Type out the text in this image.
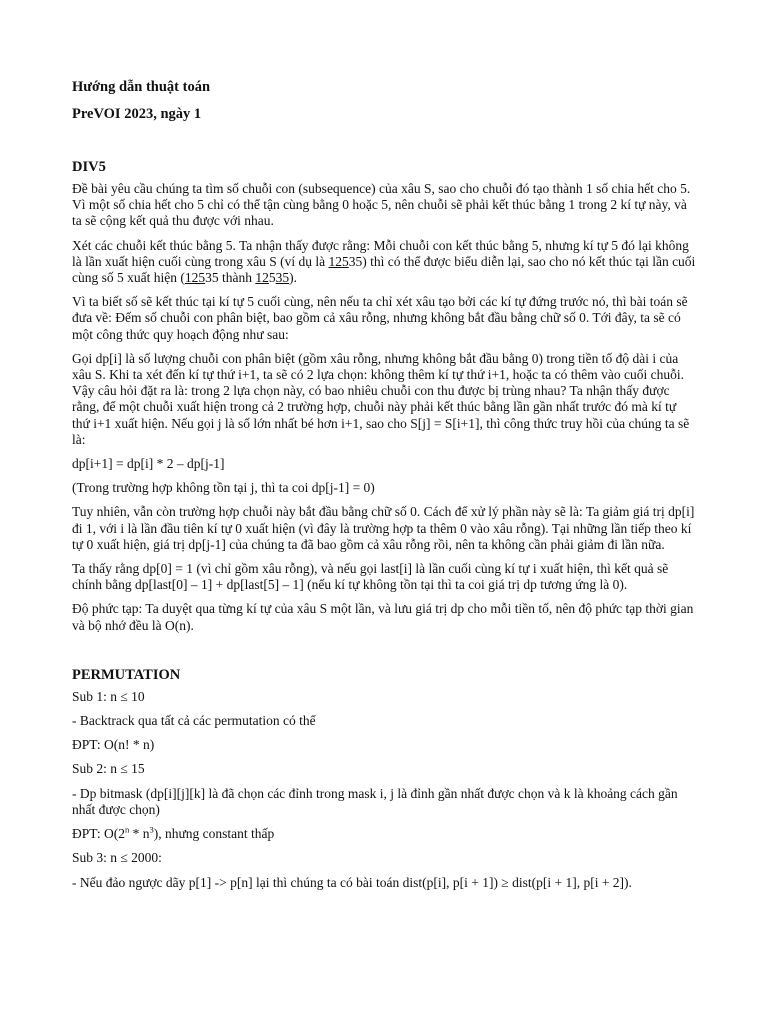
Hướng dẫn thuật toán

PreVOI 2023, ngày 1

DIV5

Đề bài yêu cầu chúng ta tìm số chuỗi con (subsequence) của xâu S, sao cho chuỗi đó tạo thành 1 số chia hết cho 5. Vì một số chia hết cho 5 chỉ có thể tận cùng bằng 0 hoặc 5, nên chuỗi sẽ phải kết thúc bằng 1 trong 2 kí tự này, và ta sẽ cộng kết quả thu được với nhau.

Xét các chuỗi kết thúc bằng 5. Ta nhận thấy được rằng: Mỗi chuỗi con kết thúc bằng 5, nhưng kí tự 5 đó lại không là lần xuất hiện cuối cùng trong xâu S (ví dụ là 12535) thì có thể được biểu diễn lại, sao cho nó kết thúc tại lần cuối cùng số 5 xuất hiện (12535 thành 12535).

Vì ta biết số sẽ kết thúc tại kí tự 5 cuối cùng, nên nếu ta chỉ xét xâu tạo bởi các kí tự đứng trước nó, thì bài toán sẽ đưa về: Đếm số chuỗi con phân biệt, bao gồm cả xâu rỗng, nhưng không bắt đầu bằng chữ số 0. Tới đây, ta sẽ có một công thức quy hoạch động như sau:

Gọi dp[i] là số lượng chuỗi con phân biệt (gồm xâu rỗng, nhưng không bắt đầu bằng 0) trong tiền tố độ dài i của xâu S. Khi ta xét đến kí tự thứ i+1, ta sẽ có 2 lựa chọn: không thêm kí tự thứ i+1, hoặc ta có thêm vào cuối chuỗi. Vậy câu hỏi đặt ra là: trong 2 lựa chọn này, có bao nhiêu chuỗi con thu được bị trùng nhau? Ta nhận thấy được rằng, để một chuỗi xuất hiện trong cả 2 trường hợp, chuỗi này phải kết thúc bằng lần gần nhất trước đó mà kí tự thứ i+1 xuất hiện. Nếu gọi j là số lớn nhất bé hơn i+1, sao cho S[j] = S[i+1], thì công thức truy hồi của chúng ta sẽ là:

dp[i+1] = dp[i] * 2 – dp[j-1]

(Trong trường hợp không tồn tại j, thì ta coi dp[j-1] = 0)

Tuy nhiên, vẫn còn trường hợp chuỗi này bắt đầu bằng chữ số 0. Cách để xử lý phần này sẽ là: Ta giảm giá trị dp[i] đi 1, với i là lần đầu tiên kí tự 0 xuất hiện (vì đây là trường hợp ta thêm 0 vào xâu rỗng). Tại những lần tiếp theo kí tự 0 xuất hiện, giá trị dp[j-1] của chúng ta đã bao gồm cả xâu rỗng rồi, nên ta không cần phải giảm đi lần nữa.

Ta thấy rằng dp[0] = 1 (vì chỉ gồm xâu rỗng), và nếu gọi last[i] là lần cuối cùng kí tự i xuất hiện, thì kết quả sẽ chính bằng dp[last[0] – 1] + dp[last[5] – 1] (nếu kí tự không tồn tại thì ta coi giá trị dp tương ứng là 0).

Độ phức tạp: Ta duyệt qua từng kí tự của xâu S một lần, và lưu giá trị dp cho mỗi tiền tố, nên độ phức tạp thời gian và bộ nhớ đều là O(n).

PERMUTATION

Sub 1: n ≤ 10

- Backtrack qua tất cả các permutation có thể

ĐPT: O(n! * n)

Sub 2: n ≤ 15

- Dp bitmask (dp[i][j][k] là đã chọn các đỉnh trong mask i, j là đỉnh gần nhất được chọn và k là khoảng cách gần nhất được chọn)

ĐPT: $O(2^n * n^3)$, nhưng constant thấp

Sub 3: n ≤ 2000:

- Nếu đảo ngược dãy p[1] -> p[n] lại thì chúng ta có bài toán dist(p[i], p[i + 1]) ≥ dist(p[i + 1], p[i + 2]).
